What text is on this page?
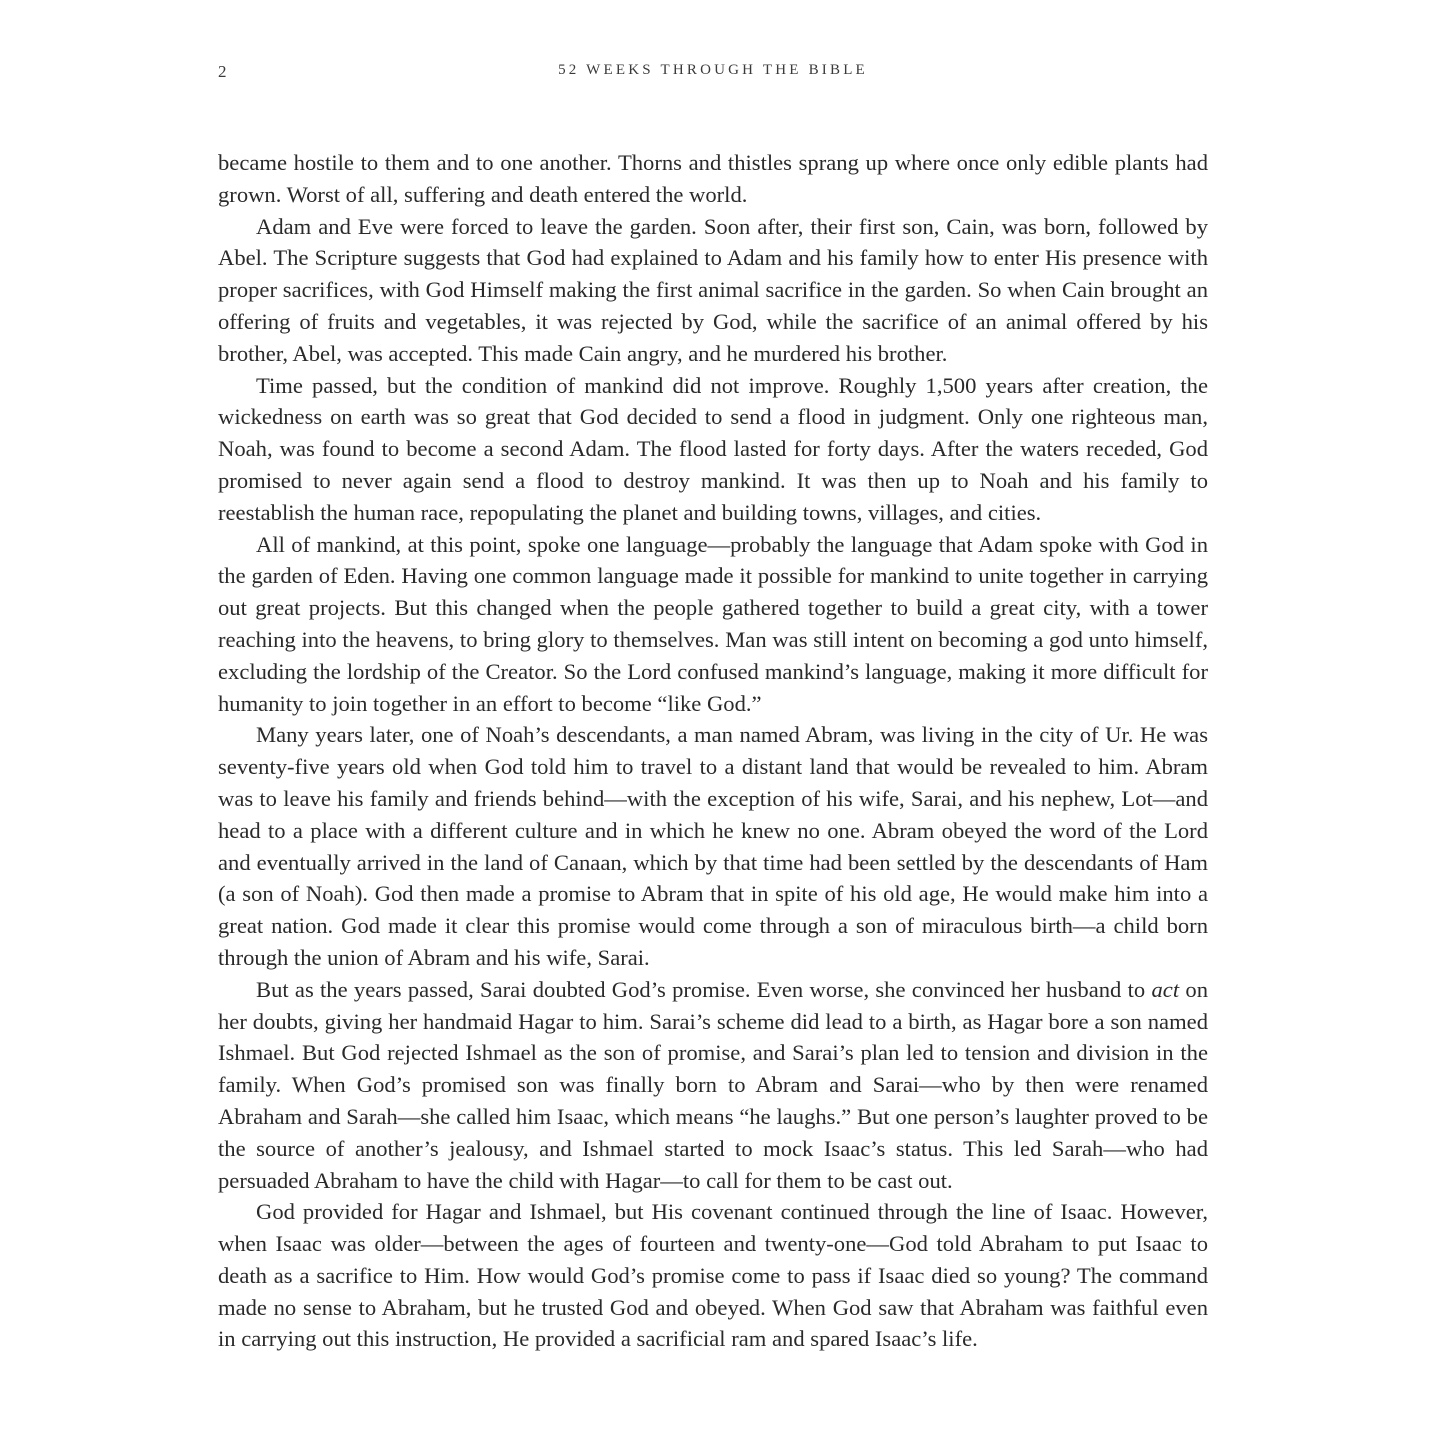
2	52 WEEKS THROUGH THE BIBLE

became hostile to them and to one another. Thorns and thistles sprang up where once only edible plants had grown. Worst of all, suffering and death entered the world.

Adam and Eve were forced to leave the garden. Soon after, their first son, Cain, was born, followed by Abel. The Scripture suggests that God had explained to Adam and his family how to enter His presence with proper sacrifices, with God Himself making the first animal sacrifice in the garden. So when Cain brought an offering of fruits and vegetables, it was rejected by God, while the sacrifice of an animal offered by his brother, Abel, was accepted. This made Cain angry, and he murdered his brother.

Time passed, but the condition of mankind did not improve. Roughly 1,500 years after creation, the wickedness on earth was so great that God decided to send a flood in judgment. Only one righteous man, Noah, was found to become a second Adam. The flood lasted for forty days. After the waters receded, God promised to never again send a flood to destroy mankind. It was then up to Noah and his family to reestablish the human race, repopulating the planet and building towns, villages, and cities.

All of mankind, at this point, spoke one language—probably the language that Adam spoke with God in the garden of Eden. Having one common language made it possible for mankind to unite together in carrying out great projects. But this changed when the people gathered together to build a great city, with a tower reaching into the heavens, to bring glory to themselves. Man was still intent on becoming a god unto himself, excluding the lordship of the Creator. So the Lord confused mankind’s language, making it more difficult for humanity to join together in an effort to become “like God.”

Many years later, one of Noah’s descendants, a man named Abram, was living in the city of Ur. He was seventy-five years old when God told him to travel to a distant land that would be revealed to him. Abram was to leave his family and friends behind—with the exception of his wife, Sarai, and his nephew, Lot—and head to a place with a different culture and in which he knew no one. Abram obeyed the word of the Lord and eventually arrived in the land of Canaan, which by that time had been settled by the descendants of Ham (a son of Noah). God then made a promise to Abram that in spite of his old age, He would make him into a great nation. God made it clear this promise would come through a son of miraculous birth—a child born through the union of Abram and his wife, Sarai.

But as the years passed, Sarai doubted God’s promise. Even worse, she convinced her husband to act on her doubts, giving her handmaid Hagar to him. Sarai’s scheme did lead to a birth, as Hagar bore a son named Ishmael. But God rejected Ishmael as the son of promise, and Sarai’s plan led to tension and division in the family. When God’s promised son was finally born to Abram and Sarai—who by then were renamed Abraham and Sarah—she called him Isaac, which means “he laughs.” But one person’s laughter proved to be the source of another’s jealousy, and Ishmael started to mock Isaac’s status. This led Sarah—who had persuaded Abraham to have the child with Hagar—to call for them to be cast out.

God provided for Hagar and Ishmael, but His covenant continued through the line of Isaac. However, when Isaac was older—between the ages of fourteen and twenty-one—God told Abraham to put Isaac to death as a sacrifice to Him. How would God’s promise come to pass if Isaac died so young? The command made no sense to Abraham, but he trusted God and obeyed. When God saw that Abraham was faithful even in carrying out this instruction, He provided a sacrificial ram and spared Isaac’s life.
